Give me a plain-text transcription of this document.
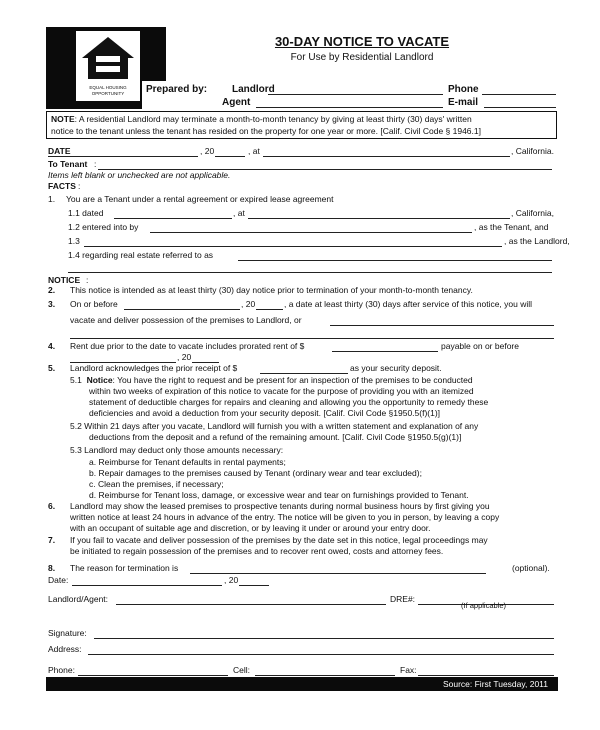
EQUAL HOUSING
OPPORTUNITY
30-DAY NOTICE TO VACATE
For Use by Residential Landlord
Prepared by: Landlord
Agent
Phone
E-mail
NOTE: A residential Landlord may terminate a month-to-month tenancy by giving at least thirty (30) days' written
notice to the tenant unless the tenant has resided on the property for one year or more. [Calif. Civil Code § 1946.1]
DATE	, 20	, at	, California.
To Tenant :
Items left blank or unchecked are not applicable.
FACTS :
1. You are a Tenant under a rental agreement or expired lease agreement
1.1 dated	, at	, California,
1.2 entered into by	, as the Tenant, and
1.3	, as the Landlord,
1.4 regarding real estate referred to as
NOTICE :
2. This notice is intended as at least thirty (30) day notice prior to termination of your month-to-month tenancy.
3. On or before	, 20	, a date at least thirty (30) days after service of this notice, you will
vacate and deliver possession of the premises to Landlord, or
4. Rent due prior to the date to vacate includes prorated rent of $	payable on or before
, 20
5. Landlord acknowledges the prior receipt of $	as your security deposit.
5.1 Notice: You have the right to request and be present for an inspection of the premises to be conducted
within two weeks of expiration of this notice to vacate for the purpose of providing you with an itemized
statement of deductible charges for repairs and cleaning and allowing you the opportunity to remedy these
deficiencies and avoid a deduction from your security deposit. [Calif. Civil Code §1950.5(f)(1)]
5.2 Within 21 days after you vacate, Landlord will furnish you with a written statement and explanation of any
deductions from the deposit and a refund of the remaining amount. [Calif. Civil Code §1950.5(g)(1)]
5.3 Landlord may deduct only those amounts necessary:
a. Reimburse for Tenant defaults in rental payments;
b. Repair damages to the premises caused by Tenant (ordinary wear and tear excluded);
c. Clean the premises, if necessary;
d. Reimburse for Tenant loss, damage, or excessive wear and tear on furnishings provided to Tenant.
6. Landlord may show the leased premises to prospective tenants during normal business hours by first giving you
written notice at least 24 hours in advance of the entry. The notice will be given to you in person, by leaving a copy
with an occupant of suitable age and discretion, or by leaving it under or around your entry door.
7. If you fail to vacate and deliver possession of the premises by the date set in this notice, legal proceedings may
be initiated to regain possession of the premises and to recover rent owed, costs and attorney fees.
8. The reason for termination is	(optional).
Date:	, 20
Landlord/Agent:	DRE#:
(If applicable)
Signature:
Address:
Phone:	Cell:	Fax:
Source: First Tuesday, 2011
